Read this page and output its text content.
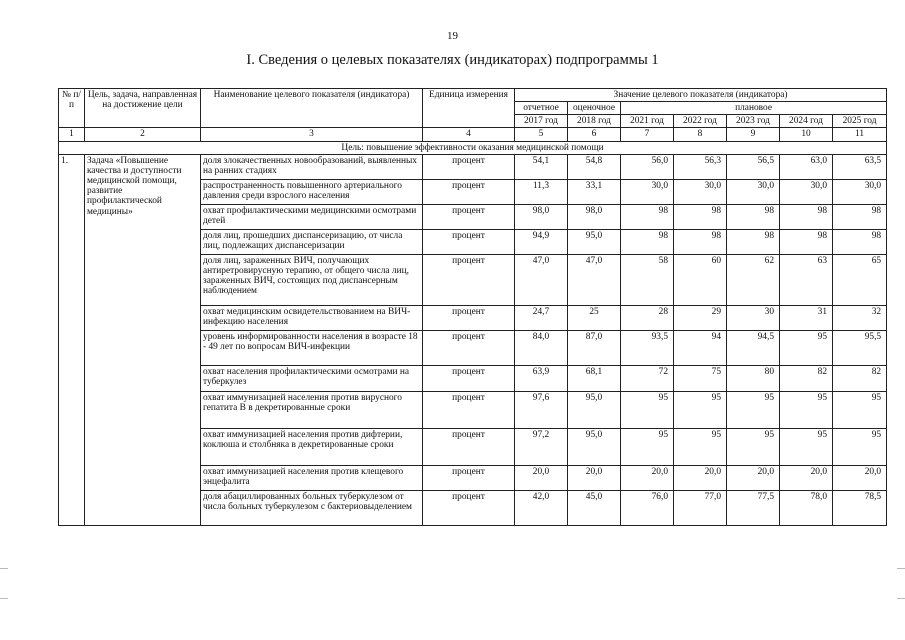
19
I. Сведения о целевых показателях (индикаторах) подпрограммы 1
№ п/п	Цель, задача, направленная на достижение цели	Наименование целевого показателя (индикатора)	Единица измерения	Значение целевого показателя (индикатора)						
				отчетное	оценочное	плановое				
				2017 год	2018 год	2021 год	2022 год	2023 год	2024 год	2025 год
1	2	3	4	5	6	7	8	9	10	11
Цель: повышение эффективности оказания медицинской помощи										
1.	Задача «Повышение качества и доступности медицинской помощи, развитие профилактической медицины»	доля злокачественных новообразований, выявленных на ранних стадиях	процент	54,1	54,8	56,0	56,3	56,5	63,0	63,5
		распространенность повышенного артериального давления среди взрослого населения	процент	11,3	33,1	30,0	30,0	30,0	30,0	30,0
		охват профилактическими медицинскими осмотрами детей	процент	98,0	98,0	98	98	98	98	98
		доля лиц, прошедших диспансеризацию, от числа лиц, подлежащих диспансеризации	процент	94,9	95,0	98	98	98	98	98
		доля лиц, зараженных ВИЧ, получающих антиретровирусную терапию, от общего числа лиц, зараженных ВИЧ, состоящих под диспансерным наблюдением	процент	47,0	47,0	58	60	62	63	65
		охват медицинским освидетельствованием на ВИЧ-инфекцию населения	процент	24,7	25	28	29	30	31	32
		уровень информированности населения в возрасте 18 - 49 лет по вопросам ВИЧ-инфекции	процент	84,0	87,0	93,5	94	94,5	95	95,5
		охват населения профилактическими осмотрами на туберкулез	процент	63,9	68,1	72	75	80	82	82
		охват иммунизацией населения против вирусного гепатита В в декретированные сроки	процент	97,6	95,0	95	95	95	95	95
		охват иммунизацией населения против дифтерии, коклюша и столбняка в декретированные сроки	процент	97,2	95,0	95	95	95	95	95
		охват иммунизацией населения против клещевого энцефалита	процент	20,0	20,0	20,0	20,0	20,0	20,0	20,0
		доля абациллированных больных туберкулезом от числа больных туберкулезом с бактериовыделением	процент	42,0	45,0	76,0	77,0	77,5	78,0	78,5
